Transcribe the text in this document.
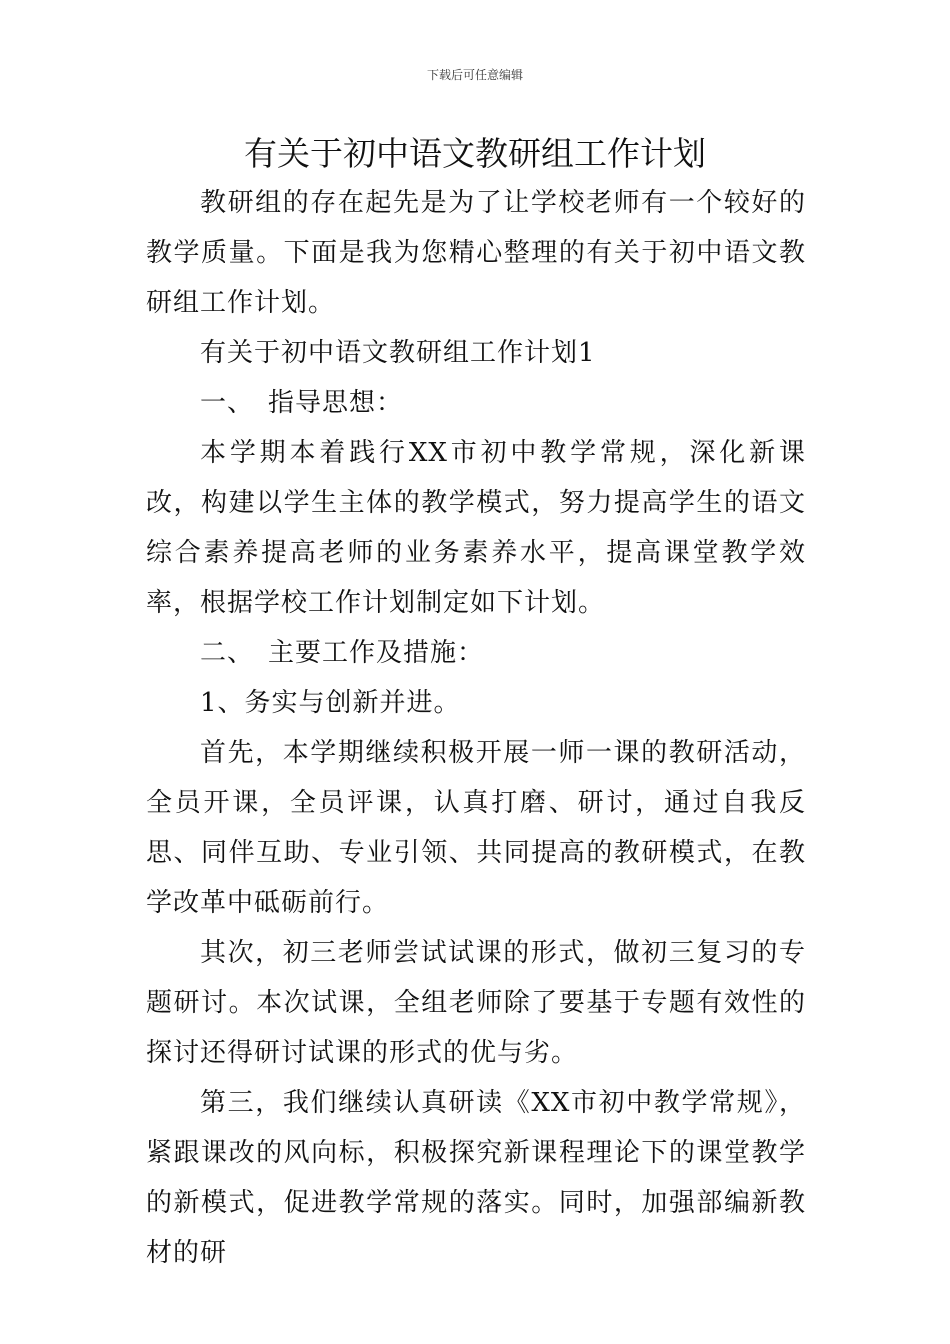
下载后可任意编辑
有关于初中语文教研组工作计划

教研组的存在起先是为了让学校老师有一个较好的教学质量。下面是我为您精心整理的有关于初中语文教研组工作计划。

有关于初中语文教研组工作计划1

一、　指导思想：

本学期本着践行XX市初中教学常规，深化新课改，构建以学生主体的教学模式，努力提高学生的语文综合素养提高老师的业务素养水平，提高课堂教学效率，根据学校工作计划制定如下计划。

二、　主要工作及措施：

1、务实与创新并进。

首先，本学期继续积极开展一师一课的教研活动，全员开课，全员评课，认真打磨、研讨，通过自我反思、同伴互助、专业引领、共同提高的教研模式，在教学改革中砥砺前行。

其次，初三老师尝试试课的形式，做初三复习的专题研讨。本次试课，全组老师除了要基于专题有效性的探讨还得研讨试课的形式的优与劣。

第三，我们继续认真研读《XX市初中教学常规》，紧跟课改的风向标，积极探究新课程理论下的课堂教学的新模式，促进教学常规的落实。同时，加强部编新教材的研
